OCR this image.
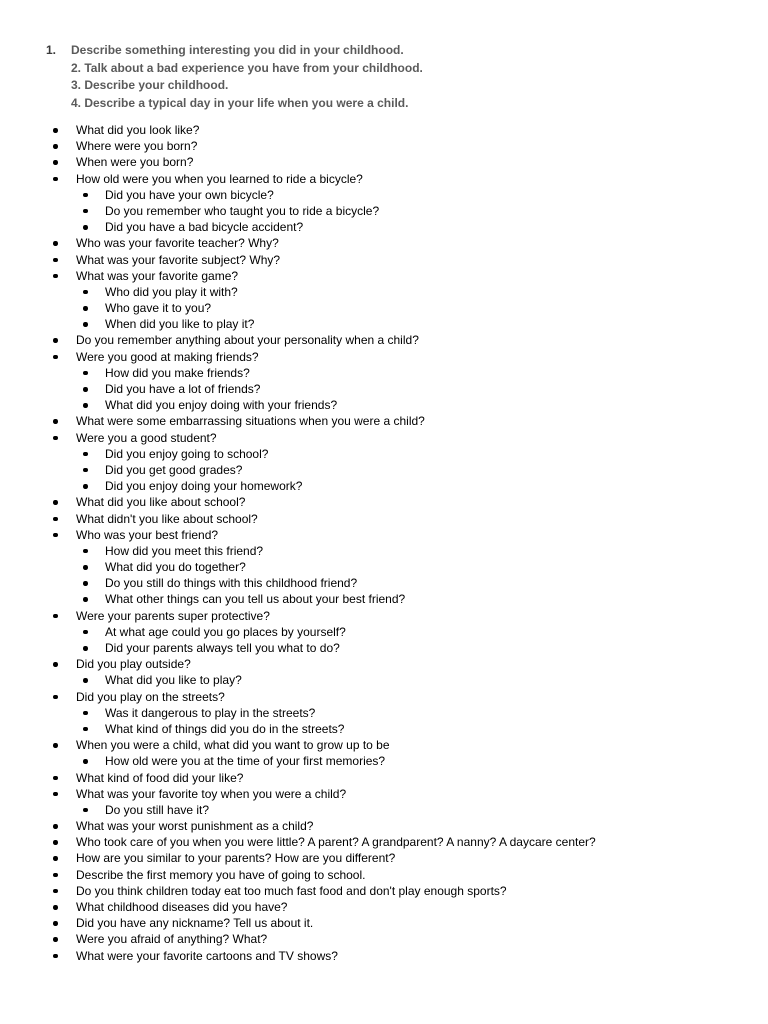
1. Describe something interesting you did in your childhood.
2. Talk about a bad experience you have from your childhood.
3. Describe your childhood.
4. Describe a typical day in your life when you were a child.
What did you look like?
Where were you born?
When were you born?
How old were you when you learned to ride a bicycle?
Did you have your own bicycle?
Do you remember who taught you to ride a bicycle?
Did you have a bad bicycle accident?
Who was your favorite teacher? Why?
What was your favorite subject? Why?
What was your favorite game?
Who did you play it with?
Who gave it to you?
When did you like to play it?
Do you remember anything about your personality when a child?
Were you good at making friends?
How did you make friends?
Did you have a lot of friends?
What did you enjoy doing with your friends?
What were some embarrassing situations when you were a child?
Were you a good student?
Did you enjoy going to school?
Did you get good grades?
Did you enjoy doing your homework?
What did you like about school?
What didn't you like about school?
Who was your best friend?
How did you meet this friend?
What did you do together?
Do you still do things with this childhood friend?
What other things can you tell us about your best friend?
Were your parents super protective?
At what age could you go places by yourself?
Did your parents always tell you what to do?
Did you play outside?
What did you like to play?
Did you play on the streets?
Was it dangerous to play in the streets?
What kind of things did you do in the streets?
When you were a child, what did you want to grow up to be
How old were you at the time of your first memories?
What kind of food did your like?
What was your favorite toy when you were a child?
Do you still have it?
What was your worst punishment as a child?
Who took care of you when you were little? A parent? A grandparent? A nanny? A daycare center?
How are you similar to your parents? How are you different?
Describe the first memory you have of going to school.
Do you think children today eat too much fast food and don't play enough sports?
What childhood diseases did you have?
Did you have any nickname? Tell us about it.
Were you afraid of anything? What?
What were your favorite cartoons and TV shows?
